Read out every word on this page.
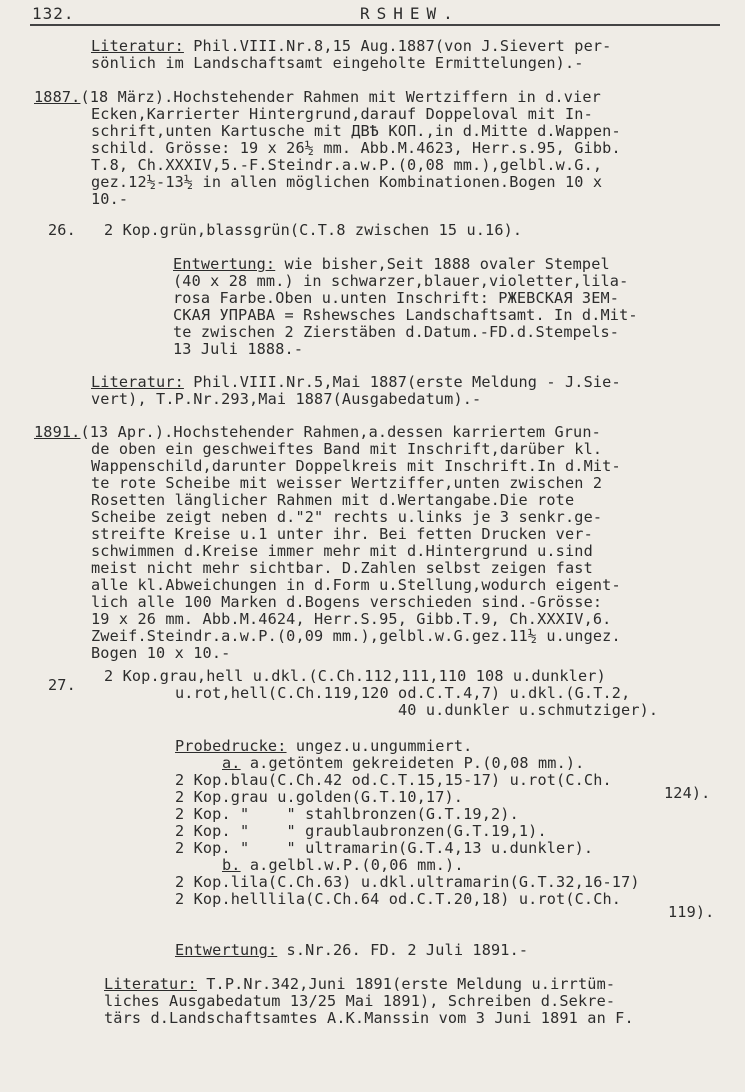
132.	RSHEW.
Literatur: Phil.VIII.Nr.8,15 Aug.1887(von J.Sievert per-
sönlich im Landschaftsamt eingeholte Ermittelungen).-
1887.(18 März).Hochstehender Rahmen mit Wertziffern in d.vier
Ecken,Karrierter Hintergrund,darauf Doppeloval mit In-
schrift,unten Kartusche mit ДВѢ КОП.,in d.Mitte d.Wappen-
schild. Grösse: 19 x 26½ mm. Abb.M.4623, Herr.s.95, Gibb.
T.8, Ch.XXXIV,5.-F.Steindr.a.w.P.(0,08 mm.),gelbl.w.G.,
gez.12½-13½ in allen möglichen Kombinationen.Bogen 10 x
10.-
26. 2 Kop.grün,blassgrün(C.T.8 zwischen 15 u.16).
Entwertung: wie bisher,Seit 1888 ovaler Stempel
(40 x 28 mm.) in schwarzer,blauer,violetter,lila-
rosa Farbe.Oben u.unten Inschrift: РЖЕВСКАЯ ЗЕМ-
СКАЯ УПРАВА = Rshewsches Landschaftsamt. In d.Mit-
te zwischen 2 Zierstäben d.Datum.-FD.d.Stempels-
13 Juli 1888.-
Literatur: Phil.VIII.Nr.5,Mai 1887(erste Meldung - J.Sie-
vert), T.P.Nr.293,Mai 1887(Ausgabedatum).-
1891.(13 Apr.).Hochstehender Rahmen,a.dessen karriertem Grun-
de oben ein geschweiftes Band mit Inschrift,darüber kl.
Wappenschild,darunter Doppelkreis mit Inschrift.In d.Mit-
te rote Scheibe mit weisser Wertziffer,unten zwischen 2
Rosetten länglicher Rahmen mit d.Wertangabe.Die rote
Scheibe zeigt neben d."2" rechts u.links je 3 senkr.ge-
streifte Kreise u.1 unter ihr. Bei fetten Drucken ver-
schwimmen d.Kreise immer mehr mit d.Hintergrund u.sind
meist nicht mehr sichtbar. D.Zahlen selbst zeigen fast
alle kl.Abweichungen in d.Form u.Stellung,wodurch eigent-
lich alle 100 Marken d.Bogens verschieden sind.-Grösse:
19 x 26 mm. Abb.M.4624, Herr.S.95, Gibb.T.9, Ch.XXXIV,6.
Zweif.Steindr.a.w.P.(0,09 mm.),gelbl.w.G.gez.11½ u.ungez.
Bogen 10 x 10.-
27. 2 Kop.grau,hell u.dkl.(C.Ch.112,111,110 108 u.dunkler)
u.rot,hell(C.Ch.119,120 od.C.T.4,7) u.dkl.(G.T.2,
40 u.dunkler u.schmutziger).
Probedrucke: ungez.u.ungummiert.
a. a.getöntem gekreideten P.(0,08 mm.).
2 Kop.blau(C.Ch.42 od.C.T.15,15-17) u.rot(C.Ch.
124).
2 Kop.grau u.golden(G.T.10,17).
2 Kop. "    " stahlbronzen(G.T.19,2).
2 Kop. "    " graublaubronzen(G.T.19,1).
2 Kop. "    " ultramarin(G.T.4,13 u.dunkler).
b. a.gelbl.w.P.(0,06 mm.).
2 Kop.lila(C.Ch.63) u.dkl.ultramarin(G.T.32,16-17)
2 Kop.helllila(C.Ch.64 od.C.T.20,18) u.rot(C.Ch.
119).
Entwertung: s.Nr.26. FD. 2 Juli 1891.-
Literatur: T.P.Nr.342,Juni 1891(erste Meldung u.irrtüm-
liches Ausgabedatum 13/25 Mai 1891), Schreiben d.Sekre-
tärs d.Landschaftsamtes A.K.Manssin vom 3 Juni 1891 an F.
